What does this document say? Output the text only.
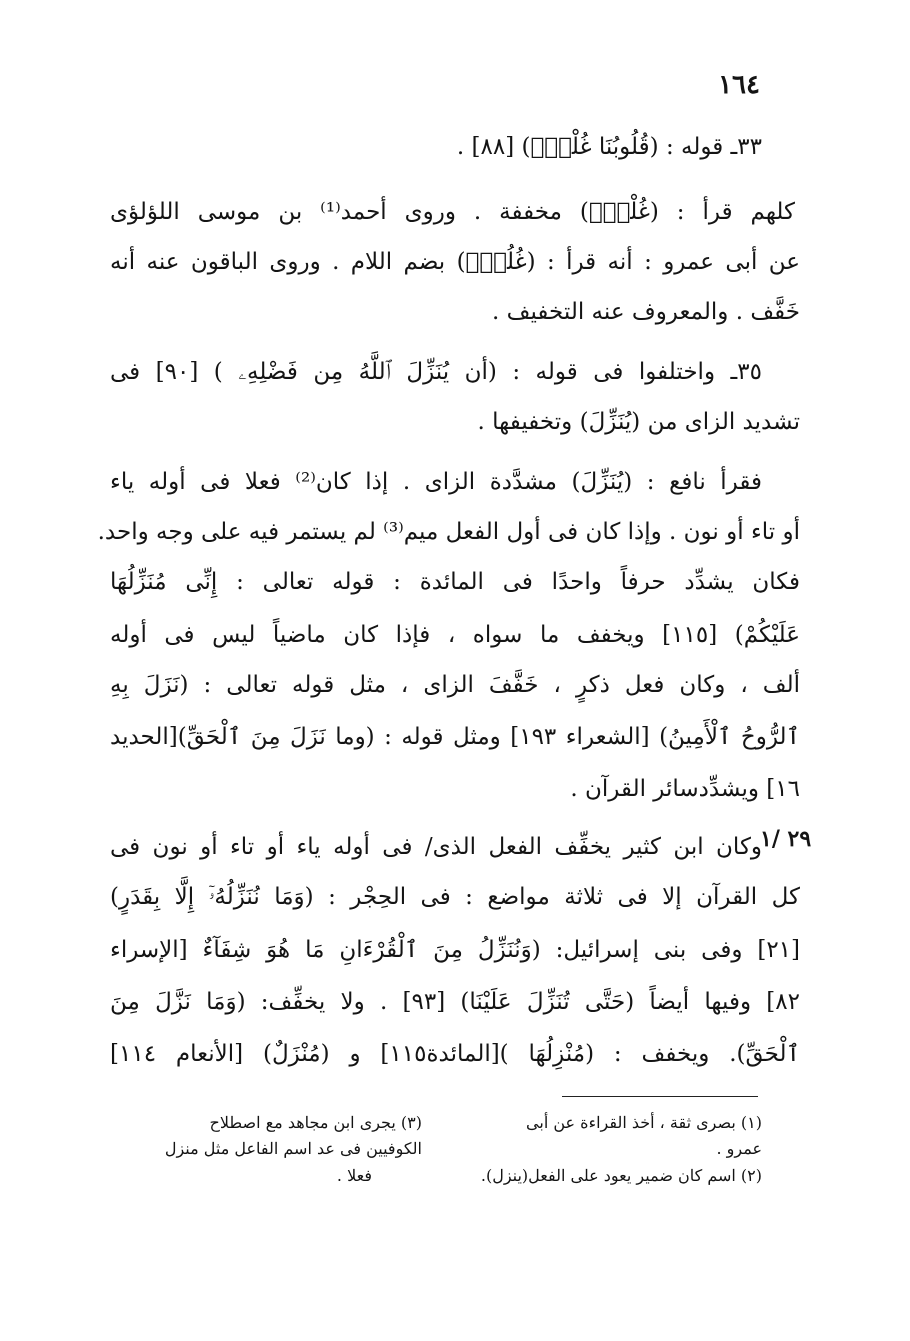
١٦٤
٣٣ـ قوله : (قُلُوبُنَا غُلْفُۢ) [٨٨] .
كلهم قرأ : (غُلْفُۢ) مخففة . وروى أحمد⁽¹⁾ بن موسى اللؤلؤى
عن أبى عمرو : أنه قرأ : (غُلُفُۢ) بضم اللام . وروى الباقون عنه أنه
خَفَّف . والمعروف عنه التخفيف .
٣٥ـ واختلفوا فى قوله : (أن يُنَزِّلَ ٱللَّهُ مِن فَضْلِهِۦ ) [٩٠] فى
تشديد الزاى من (يُنَزِّلَ) وتخفيفها .
فقرأ نافع : (يُنَزِّلَ) مشدَّدة الزاى . إذا كان⁽²⁾ فعلا فى أوله ياء
أو تاء أو نون . وإذا كان فى أول الفعل ميم⁽³⁾ لم يستمر فيه على وجه واحد.
فكان يشدِّد حرفاً واحدًا فى المائدة : قوله تعالى : إِنِّى مُنَزِّلُهَا
عَلَيْكُمْ) [١١٥] ويخفف ما سواه ، فإذا كان ماضياً ليس فى أوله
ألف ، وكان فعل ذكرٍ ، خَفَّفَ الزاى ، مثل قوله تعالى : (نَزَلَ بِهِ
ٱلرُّوحُ ٱلْأَمِينُ) [الشعراء ١٩٣] ومثل قوله : (وما نَزَلَ مِنَ ٱلْحَقِّ)[الحديد
١٦] ويشدِّدسائر القرآن .
٢٩ /١
وكان ابن كثير يخفِّف الفعل الذى/ فى أوله ياء أو تاء أو نون فى
كل القرآن إلا فى ثلاثة مواضع : فى الحِجْر : (وَمَا نُنَزِّلُهُۥٓ إِلَّا بِقَدَرٍ)
[٢١] وفى بنى إسرائيل: (وَنُنَزِّلُ مِنَ ٱلْقُرْءَانِ مَا هُوَ شِفَآءٌ [الإسراء
٨٢] وفيها أيضاً (حَتَّى تُنَزِّلَ عَلَيْنَا) [٩٣] . ولا يخفِّف: (وَمَا نَزَّلَ مِنَ
ٱلْحَقِّ). ويخفف : (مُنْزِلُهَا )[المائدة١١٥] و (مُنْزَلٌ) [الأنعام ١١٤]
(١) بصرى ثقة ، أخذ القراءة عن أبى
عمرو .
(٢) اسم كان ضمير يعود على الفعل(ينزل).
(٣) يجرى ابن مجاهد مع اصطلاح
الكوفيين فى عد اسم الفاعل مثل منزل
فعلا .
